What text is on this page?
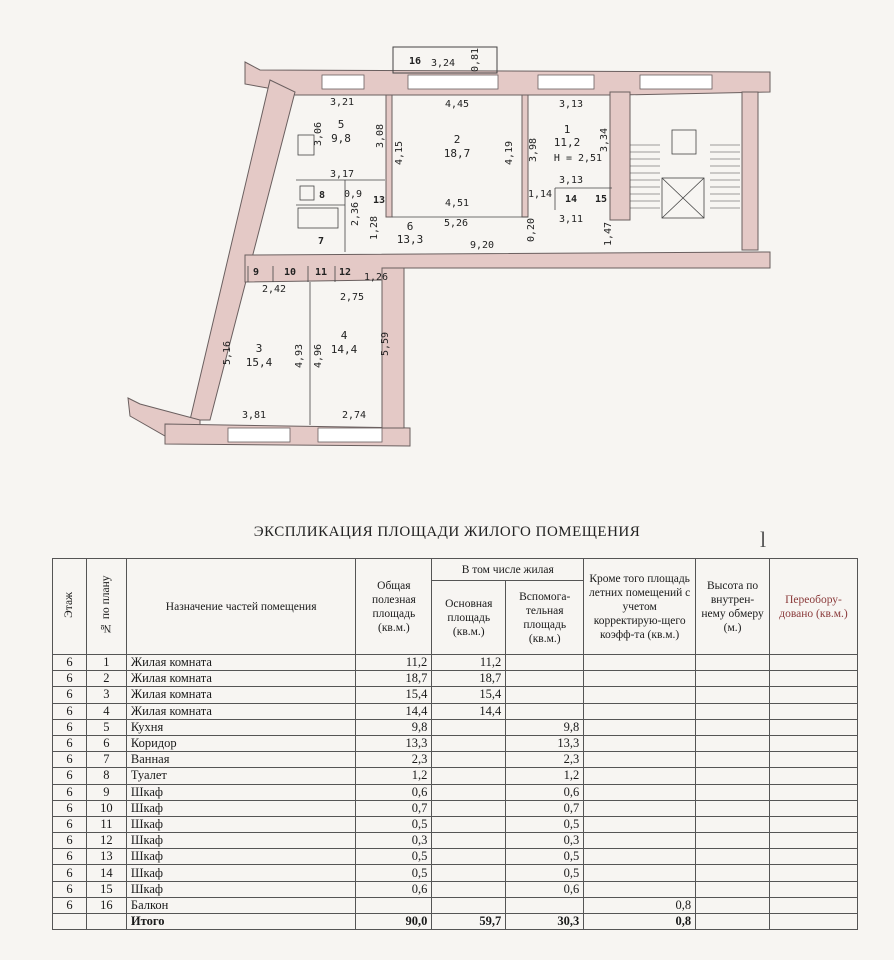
1
11,2
2
18,7
3
15,4
4
14,4
5
9,8
6
13,3
7
8
9 10 11 12
13	14 15
16 3,24 0,81
3,21	4,45	3,13
3,06	3,08
4,15	4,19 3,98	3,34
H = 2,51
3,17
0,9
2,36	4,51
1,14
3,13
5,26	3,11
1,28
9,20
0,20	1,47
2,42
2,75
1,26
5,16	4,93 4,96	5,59
3,81	2,74
ЭКСПЛИКАЦИЯ ПЛОЩАДИ ЖИЛОГО ПОМЕЩЕНИЯ	l
Этаж	№ по плану	Назначение частей помещения	Общая полезная площадь (кв.м.)	В том числе жилая		Кроме того площадь летних помещений с учетом корректирую-щего коэфф-та (кв.м.)	Высота по внутрен-нему обмеру (м.)	Переобору-довано (кв.м.)
				Основная площадь (кв.м.)	Вспомога-тельная площадь (кв.м.)			
6	1	Жилая комната	11,2	11,2				
6	2	Жилая комната	18,7	18,7				
6	3	Жилая комната	15,4	15,4				
6	4	Жилая комната	14,4	14,4				
6	5	Кухня	9,8		9,8			
6	6	Коридор	13,3		13,3			
6	7	Ванная	2,3		2,3			
6	8	Туалет	1,2		1,2			
6	9	Шкаф	0,6		0,6			
6	10	Шкаф	0,7		0,7			
6	11	Шкаф	0,5		0,5			
6	12	Шкаф	0,3		0,3			
6	13	Шкаф	0,5		0,5			
6	14	Шкаф	0,5		0,5			
6	15	Шкаф	0,6		0,6			
6	16	Балкон				0,8		
		Итого	90,0	59,7	30,3	0,8		
